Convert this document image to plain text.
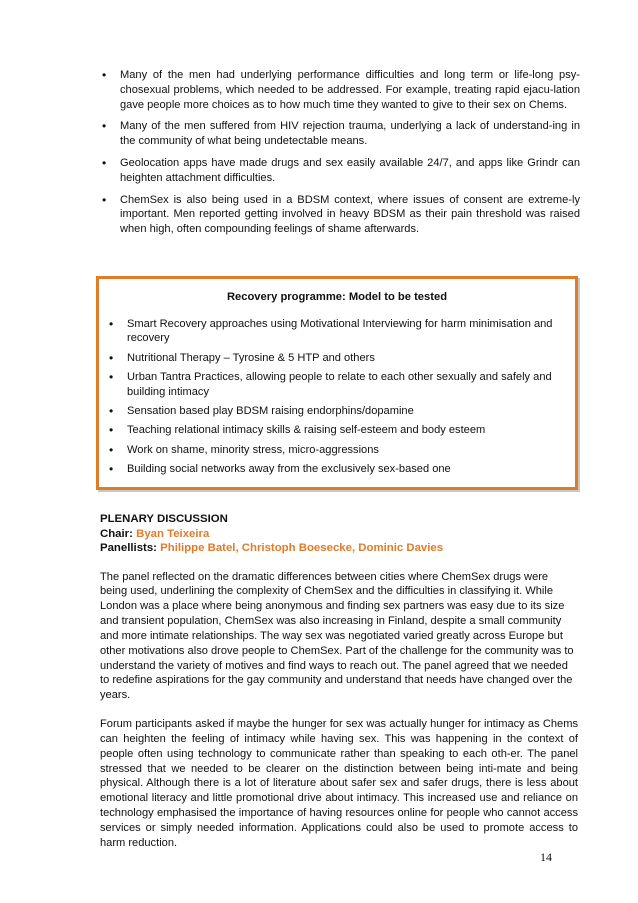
• Many of the men had underlying performance difficulties and long term or life-long psy-chosexual problems, which needed to be addressed. For example, treating rapid ejacu-lation gave people more choices as to how much time they wanted to give to their sex on Chems.
• Many of the men suffered from HIV rejection trauma, underlying a lack of understand-ing in the community of what being undetectable means.
• Geolocation apps have made drugs and sex easily available 24/7, and apps like Grindr can heighten attachment difficulties.
• ChemSex is also being used in a BDSM context, where issues of consent are extreme-ly important. Men reported getting involved in heavy BDSM as their pain threshold was raised when high, often compounding feelings of shame afterwards.
Recovery programme: Model to be tested
• Smart Recovery approaches using Motivational Interviewing for harm minimisation and recovery
• Nutritional Therapy – Tyrosine & 5 HTP and others
• Urban Tantra Practices, allowing people to relate to each other sexually and safely and building intimacy
• Sensation based play BDSM raising endorphins/dopamine
• Teaching relational intimacy skills & raising self-esteem and body esteem
• Work on shame, minority stress, micro-aggressions
• Building social networks away from the exclusively sex-based one
PLENARY DISCUSSION
Chair: Byan Teixeira
Panellists: Philippe Batel, Christoph Boesecke, Dominic Davies

The panel reflected on the dramatic differences between cities where ChemSex drugs were being used, underlining the complexity of ChemSex and the difficulties in classifying it. While London was a place where being anonymous and finding sex partners was easy due to its size and transient population, ChemSex was also increasing in Finland, despite a small community and more intimate relationships. The way sex was negotiated varied greatly across Europe but other motivations also drove people to ChemSex. Part of the challenge for the community was to understand the variety of motives and find ways to reach out. The panel agreed that we needed to redefine aspirations for the gay community and understand that needs have changed over the years.

Forum participants asked if maybe the hunger for sex was actually hunger for intimacy as Chems can heighten the feeling of intimacy while having sex. This was happening in the context of people often using technology to communicate rather than speaking to each oth-er. The panel stressed that we needed to be clearer on the distinction between being inti-mate and being physical. Although there is a lot of literature about safer sex and safer drugs, there is less about emotional literacy and little promotional drive about intimacy. This increased use and reliance on technology emphasised the importance of having resources online for people who cannot access services or simply needed information. Applications could also be used to promote access to harm reduction.

14
